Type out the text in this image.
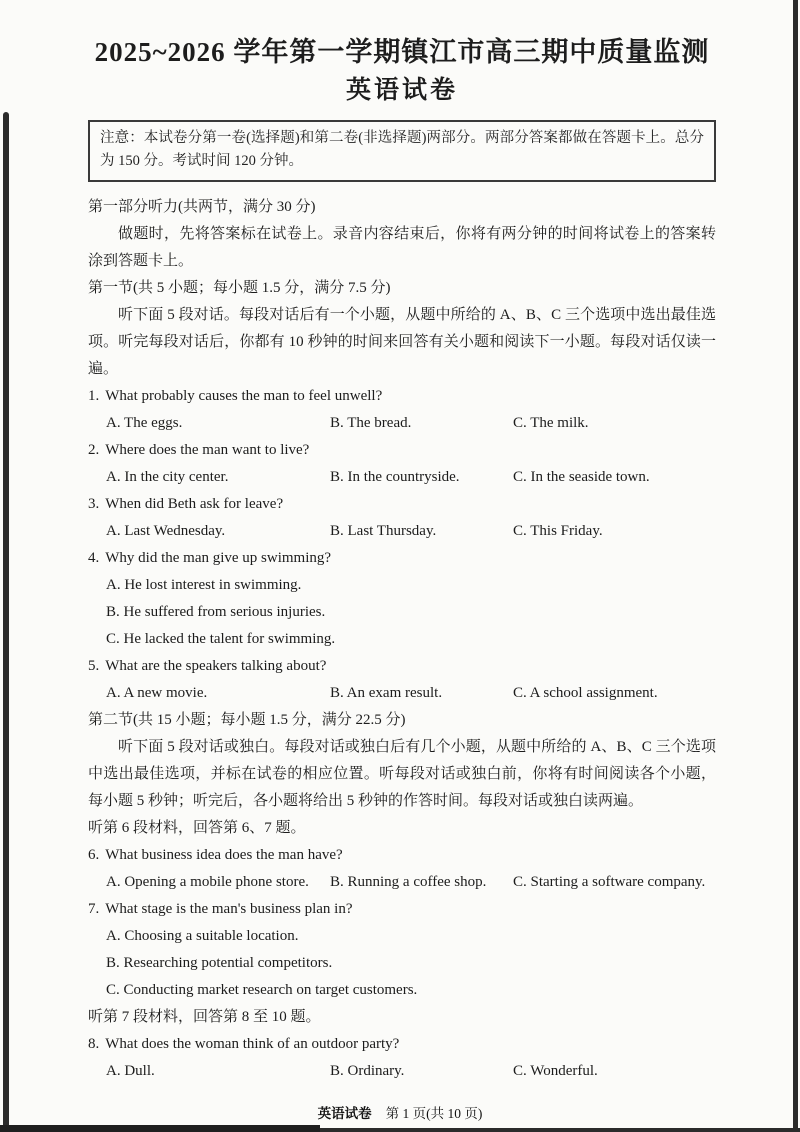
2025~2026 学年第一学期镇江市高三期中质量监测
英语试卷
注意：本试卷分第一卷(选择题)和第二卷(非选择题)两部分。两部分答案都做在答题卡上。总分为 150 分。考试时间 120 分钟。
第一部分听力(共两节，满分 30 分)

做题时，先将答案标在试卷上。录音内容结束后，你将有两分钟的时间将试卷上的答案转涂到答题卡上。

第一节(共 5 小题；每小题 1.5 分，满分 7.5 分)

听下面 5 段对话。每段对话后有一个小题，从题中所给的 A、B、C 三个选项中选出最佳选项。听完每段对话后，你都有 10 秒钟的时间来回答有关小题和阅读下一小题。每段对话仅读一遍。

1. What probably causes the man to feel unwell?
A. The eggs.	B. The bread.	C. The milk.
2. Where does the man want to live?
A. In the city center.	B. In the countryside.	C. In the seaside town.
3. When did Beth ask for leave?
A. Last Wednesday.	B. Last Thursday.	C. This Friday.
4. Why did the man give up swimming?
A. He lost interest in swimming.
B. He suffered from serious injuries.
C. He lacked the talent for swimming.
5. What are the speakers talking about?
A. A new movie.	B. An exam result.	C. A school assignment.
第二节(共 15 小题；每小题 1.5 分，满分 22.5 分)

听下面 5 段对话或独白。每段对话或独白后有几个小题，从题中所给的 A、B、C 三个选项中选出最佳选项，并标在试卷的相应位置。听每段对话或独白前，你将有时间阅读各个小题，每小题 5 秒钟；听完后，各小题将给出 5 秒钟的作答时间。每段对话或独白读两遍。

听第 6 段材料，回答第 6、7 题。
6. What business idea does the man have?
A. Opening a mobile phone store.	B. Running a coffee shop.	C. Starting a software company.
7. What stage is the man's business plan in?
A. Choosing a suitable location.
B. Researching potential competitors.
C. Conducting market research on target customers.
听第 7 段材料，回答第 8 至 10 题。
8. What does the woman think of an outdoor party?
A. Dull.	B. Ordinary.	C. Wonderful.
英语试卷 第 1 页(共 10 页)
